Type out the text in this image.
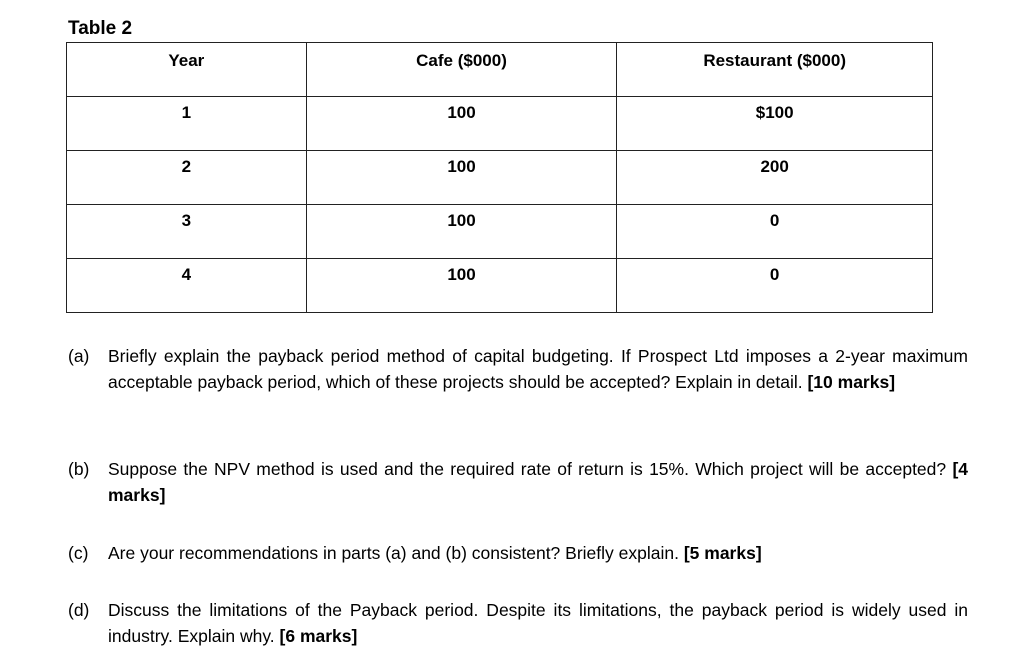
Table 2
Year	Cafe ($000)	Restaurant ($000)
1	100	$100
2	100	200
3	100	0
4	100	0
(a) Briefly explain the payback period method of capital budgeting. If Prospect Ltd imposes a 2-year maximum acceptable payback period, which of these projects should be accepted? Explain in detail. [10 marks]
(b) Suppose the NPV method is used and the required rate of return is 15%. Which project will be accepted? [4 marks]
(c) Are your recommendations in parts (a) and (b) consistent? Briefly explain. [5 marks]
(d) Discuss the limitations of the Payback period. Despite its limitations, the payback period is widely used in industry. Explain why. [6 marks]
